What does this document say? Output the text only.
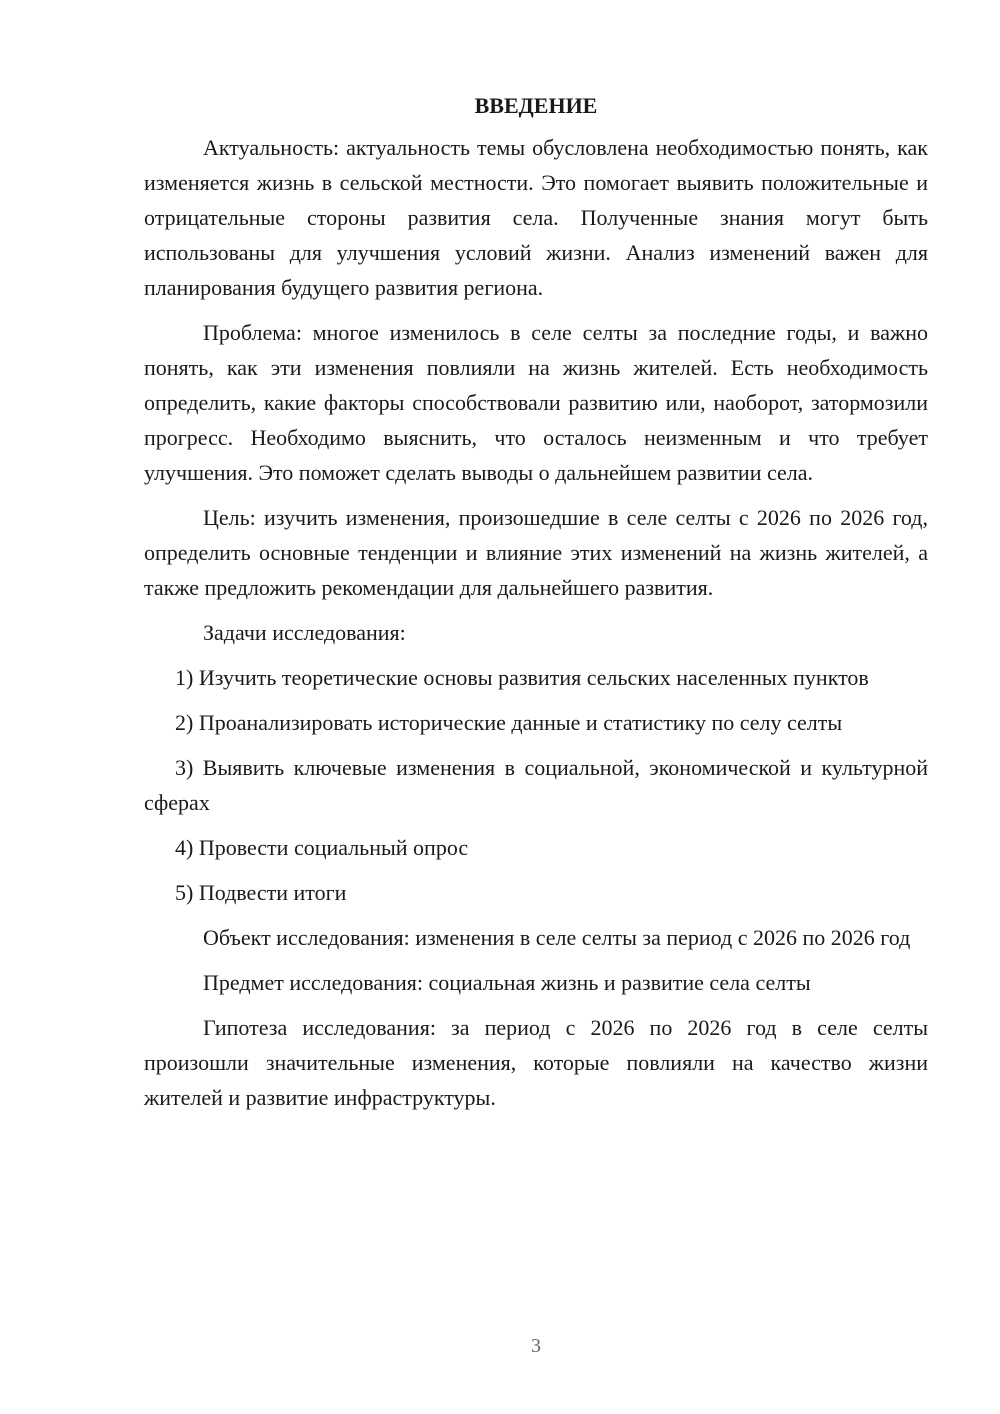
ВВЕДЕНИЕ

Актуальность: актуальность темы обусловлена необходимостью понять, как изменяется жизнь в сельской местности. Это помогает выявить положительные и отрицательные стороны развития села. Полученные знания могут быть использованы для улучшения условий жизни. Анализ изменений важен для планирования будущего развития региона.

Проблема: многое изменилось в селе селты за последние годы, и важно понять, как эти изменения повлияли на жизнь жителей. Есть необходимость определить, какие факторы способствовали развитию или, наоборот, затормозили прогресс. Необходимо выяснить, что осталось неизменным и что требует улучшения. Это поможет сделать выводы о дальнейшем развитии села.

Цель: изучить изменения, произошедшие в селе селты с 2026 по 2026 год, определить основные тенденции и влияние этих изменений на жизнь жителей, а также предложить рекомендации для дальнейшего развития.

Задачи исследования:

1) Изучить теоретические основы развития сельских населенных пунктов

2) Проанализировать исторические данные и статистику по селу селты

3) Выявить ключевые изменения в социальной, экономической и культурной сферах

4) Провести социальный опрос

5) Подвести итоги

Объект исследования: изменения в селе селты за период с 2026 по 2026 год

Предмет исследования: социальная жизнь и развитие села селты

Гипотеза исследования: за период с 2026 по 2026 год в селе селты произошли значительные изменения, которые повлияли на качество жизни жителей и развитие инфраструктуры.

3
